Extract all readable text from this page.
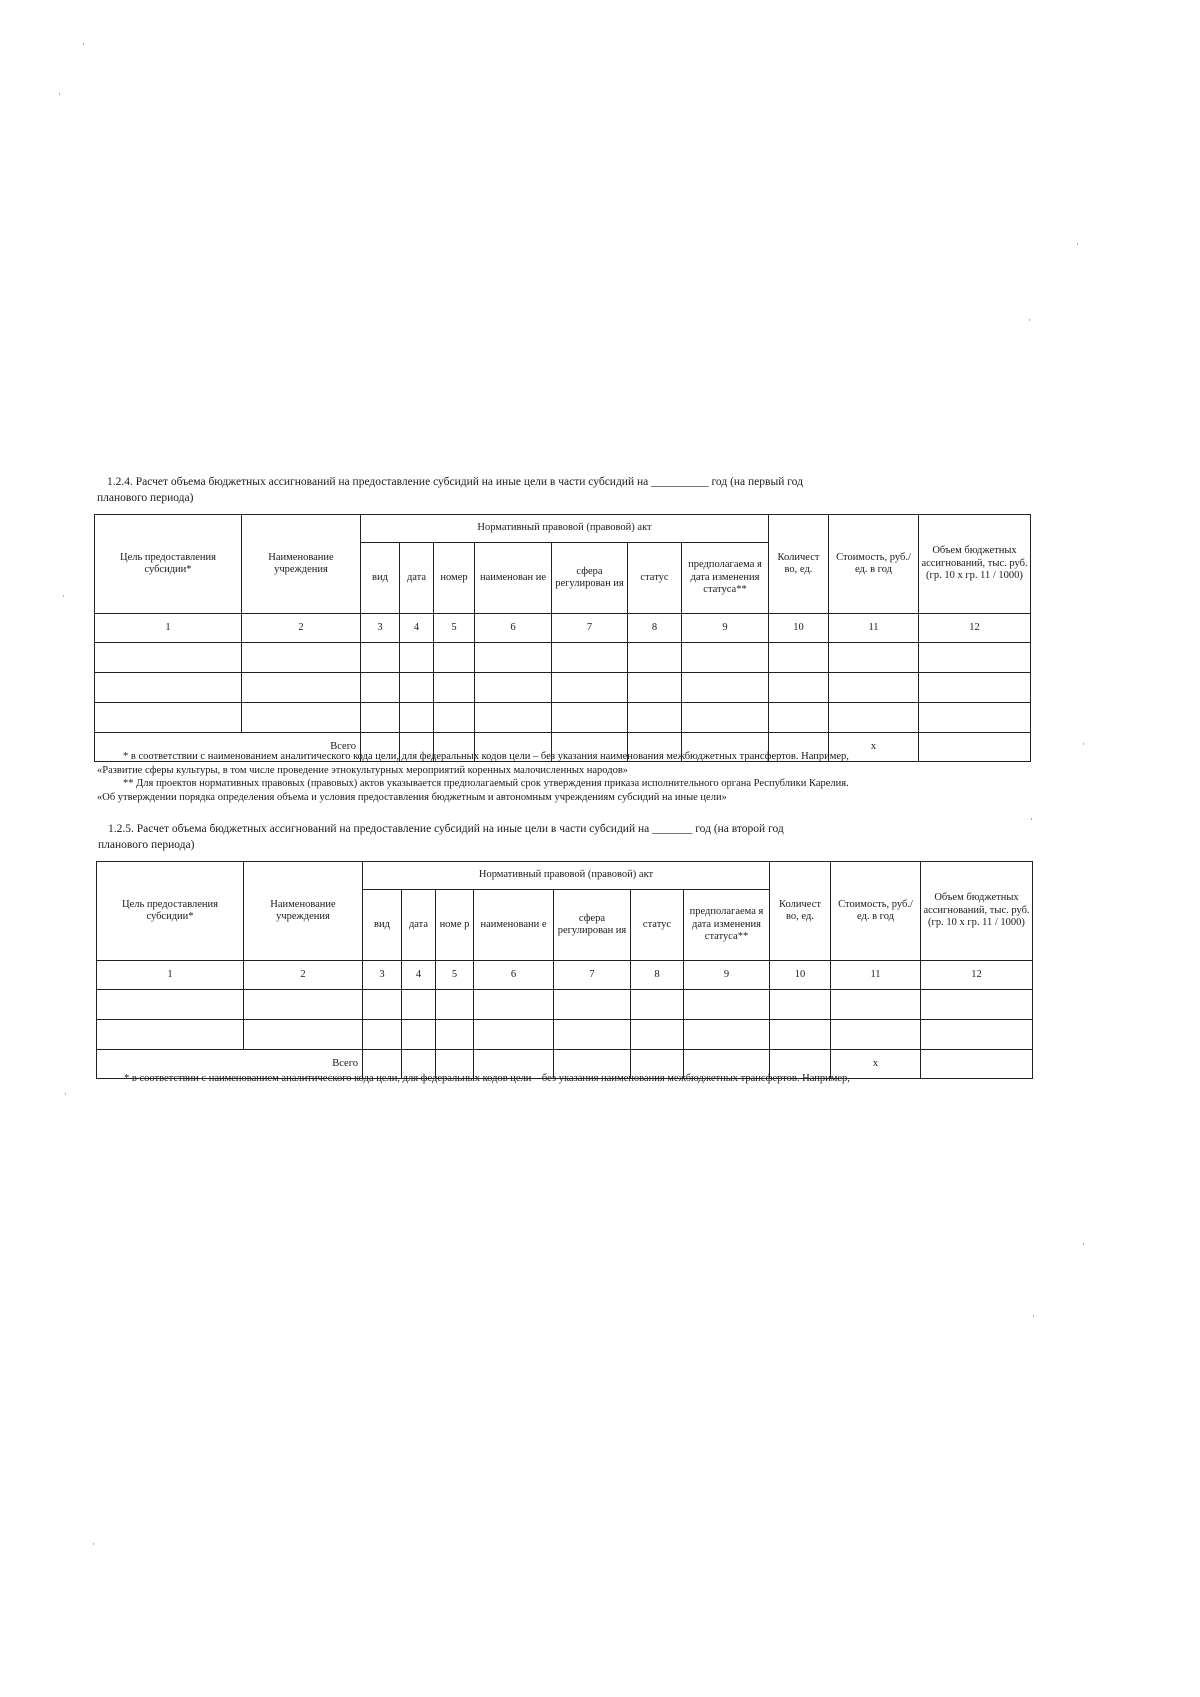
1.2.4. Расчет объема бюджетных ассигнований на предоставление субсидий на иные цели в части субсидий на __________ год (на первый год
планового периода)

Цель предоставления субсидии*	Наименование учреждения	Нормативный правовой (правовой) акт							Количест во, ед.	Стоимость, руб./ед. в год	Объем бюджетных ассигнований, тыс. руб. (гр. 10 х гр. 11 / 1000)
		вид	дата	номер	наименован ие	сфера регулирован ия	статус	предполагаема я дата изменения статуса**			
1	2	3	4	5	6	7	8	9	10	11	12

Всего										х	
* в соответствии с наименованием аналитического кода цели, для федеральных кодов цели – без указания наименования межбюджетных трансфертов. Например,
«Развитие сферы культуры, в том числе проведение этнокультурных мероприятий коренных малочисленных народов»
** Для проектов нормативных правовых (правовых) актов указывается предполагаемый срок утверждения приказа исполнительного органа Республики Карелия.
«Об утверждении порядка определения объема и условия предоставления бюджетным и автономным учреждениям субсидий на иные цели»

1.2.5. Расчет объема бюджетных ассигнований на предоставление субсидий на иные цели в части субсидий на _______ год (на второй год
планового периода)

Цель предоставления субсидии*	Наименование учреждения	Нормативный правовой (правовой) акт							Количест во, ед.	Стоимость, руб./ед. в год	Объем бюджетных ассигнований, тыс. руб. (гр. 10 х гр. 11 / 1000)
		вид	дата	номе р	наименовани е	сфера регулирован ия	статус	предполагаема я дата изменения статуса**			
1	2	3	4	5	6	7	8	9	10	11	12

Всего										х	
* в соответствии с наименованием аналитического кода цели, для федеральных кодов цели – без указания наименования межбюджетных трансфертов. Например,
·
·
·
·
·
·
·
·
·
·
·
